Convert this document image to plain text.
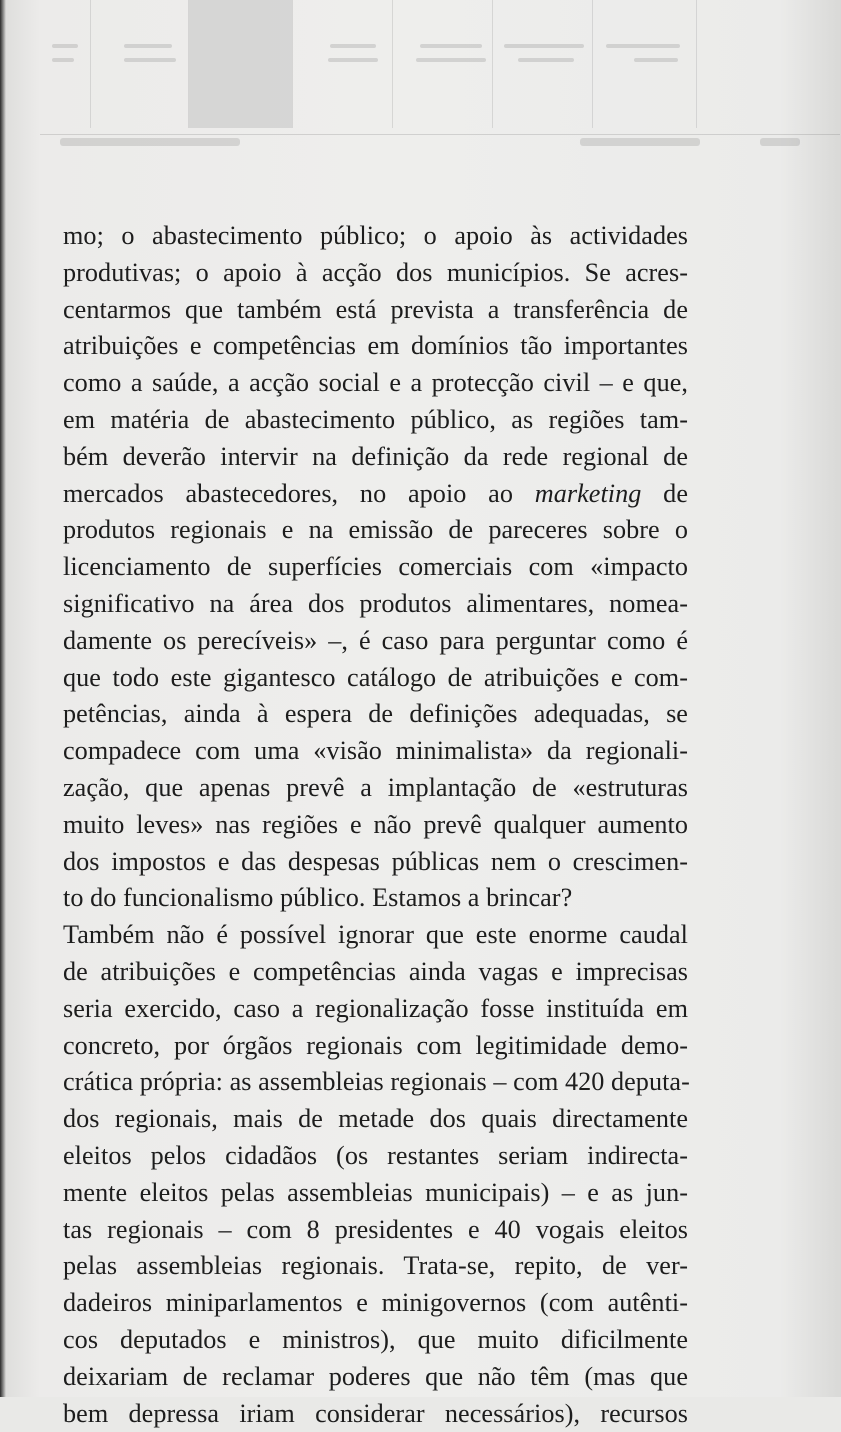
mo; o abastecimento público; o apoio às actividades
produtivas; o apoio à acção dos municípios. Se acres-
centarmos que também está prevista a transferência de
atribuições e competências em domínios tão importantes
como a saúde, a acção social e a protecção civil – e que,
em matéria de abastecimento público, as regiões tam-
bém deverão intervir na definição da rede regional de
mercados abastecedores, no apoio ao marketing de
produtos regionais e na emissão de pareceres sobre o
licenciamento de superfícies comerciais com «impacto
significativo na área dos produtos alimentares, nomea-
damente os perecíveis» –, é caso para perguntar como é
que todo este gigantesco catálogo de atribuições e com-
petências, ainda à espera de definições adequadas, se
compadece com uma «visão minimalista» da regionali-
zação, que apenas prevê a implantação de «estruturas
muito leves» nas regiões e não prevê qualquer aumento
dos impostos e das despesas públicas nem o crescimen-
to do funcionalismo público. Estamos a brincar?
Também não é possível ignorar que este enorme caudal
de atribuições e competências ainda vagas e imprecisas
seria exercido, caso a regionalização fosse instituída em
concreto, por órgãos regionais com legitimidade demo-
crática própria: as assembleias regionais – com 420 deputa-
dos regionais, mais de metade dos quais directamente
eleitos pelos cidadãos (os restantes seriam indirecta-
mente eleitos pelas assembleias municipais) – e as jun-
tas regionais – com 8 presidentes e 40 vogais eleitos
pelas assembleias regionais. Trata-se, repito, de ver-
dadeiros miniparlamentos e minigovernos (com autênti-
cos deputados e ministros), que muito dificilmente
deixariam de reclamar poderes que não têm (mas que
bem depressa iriam considerar necessários), recursos
